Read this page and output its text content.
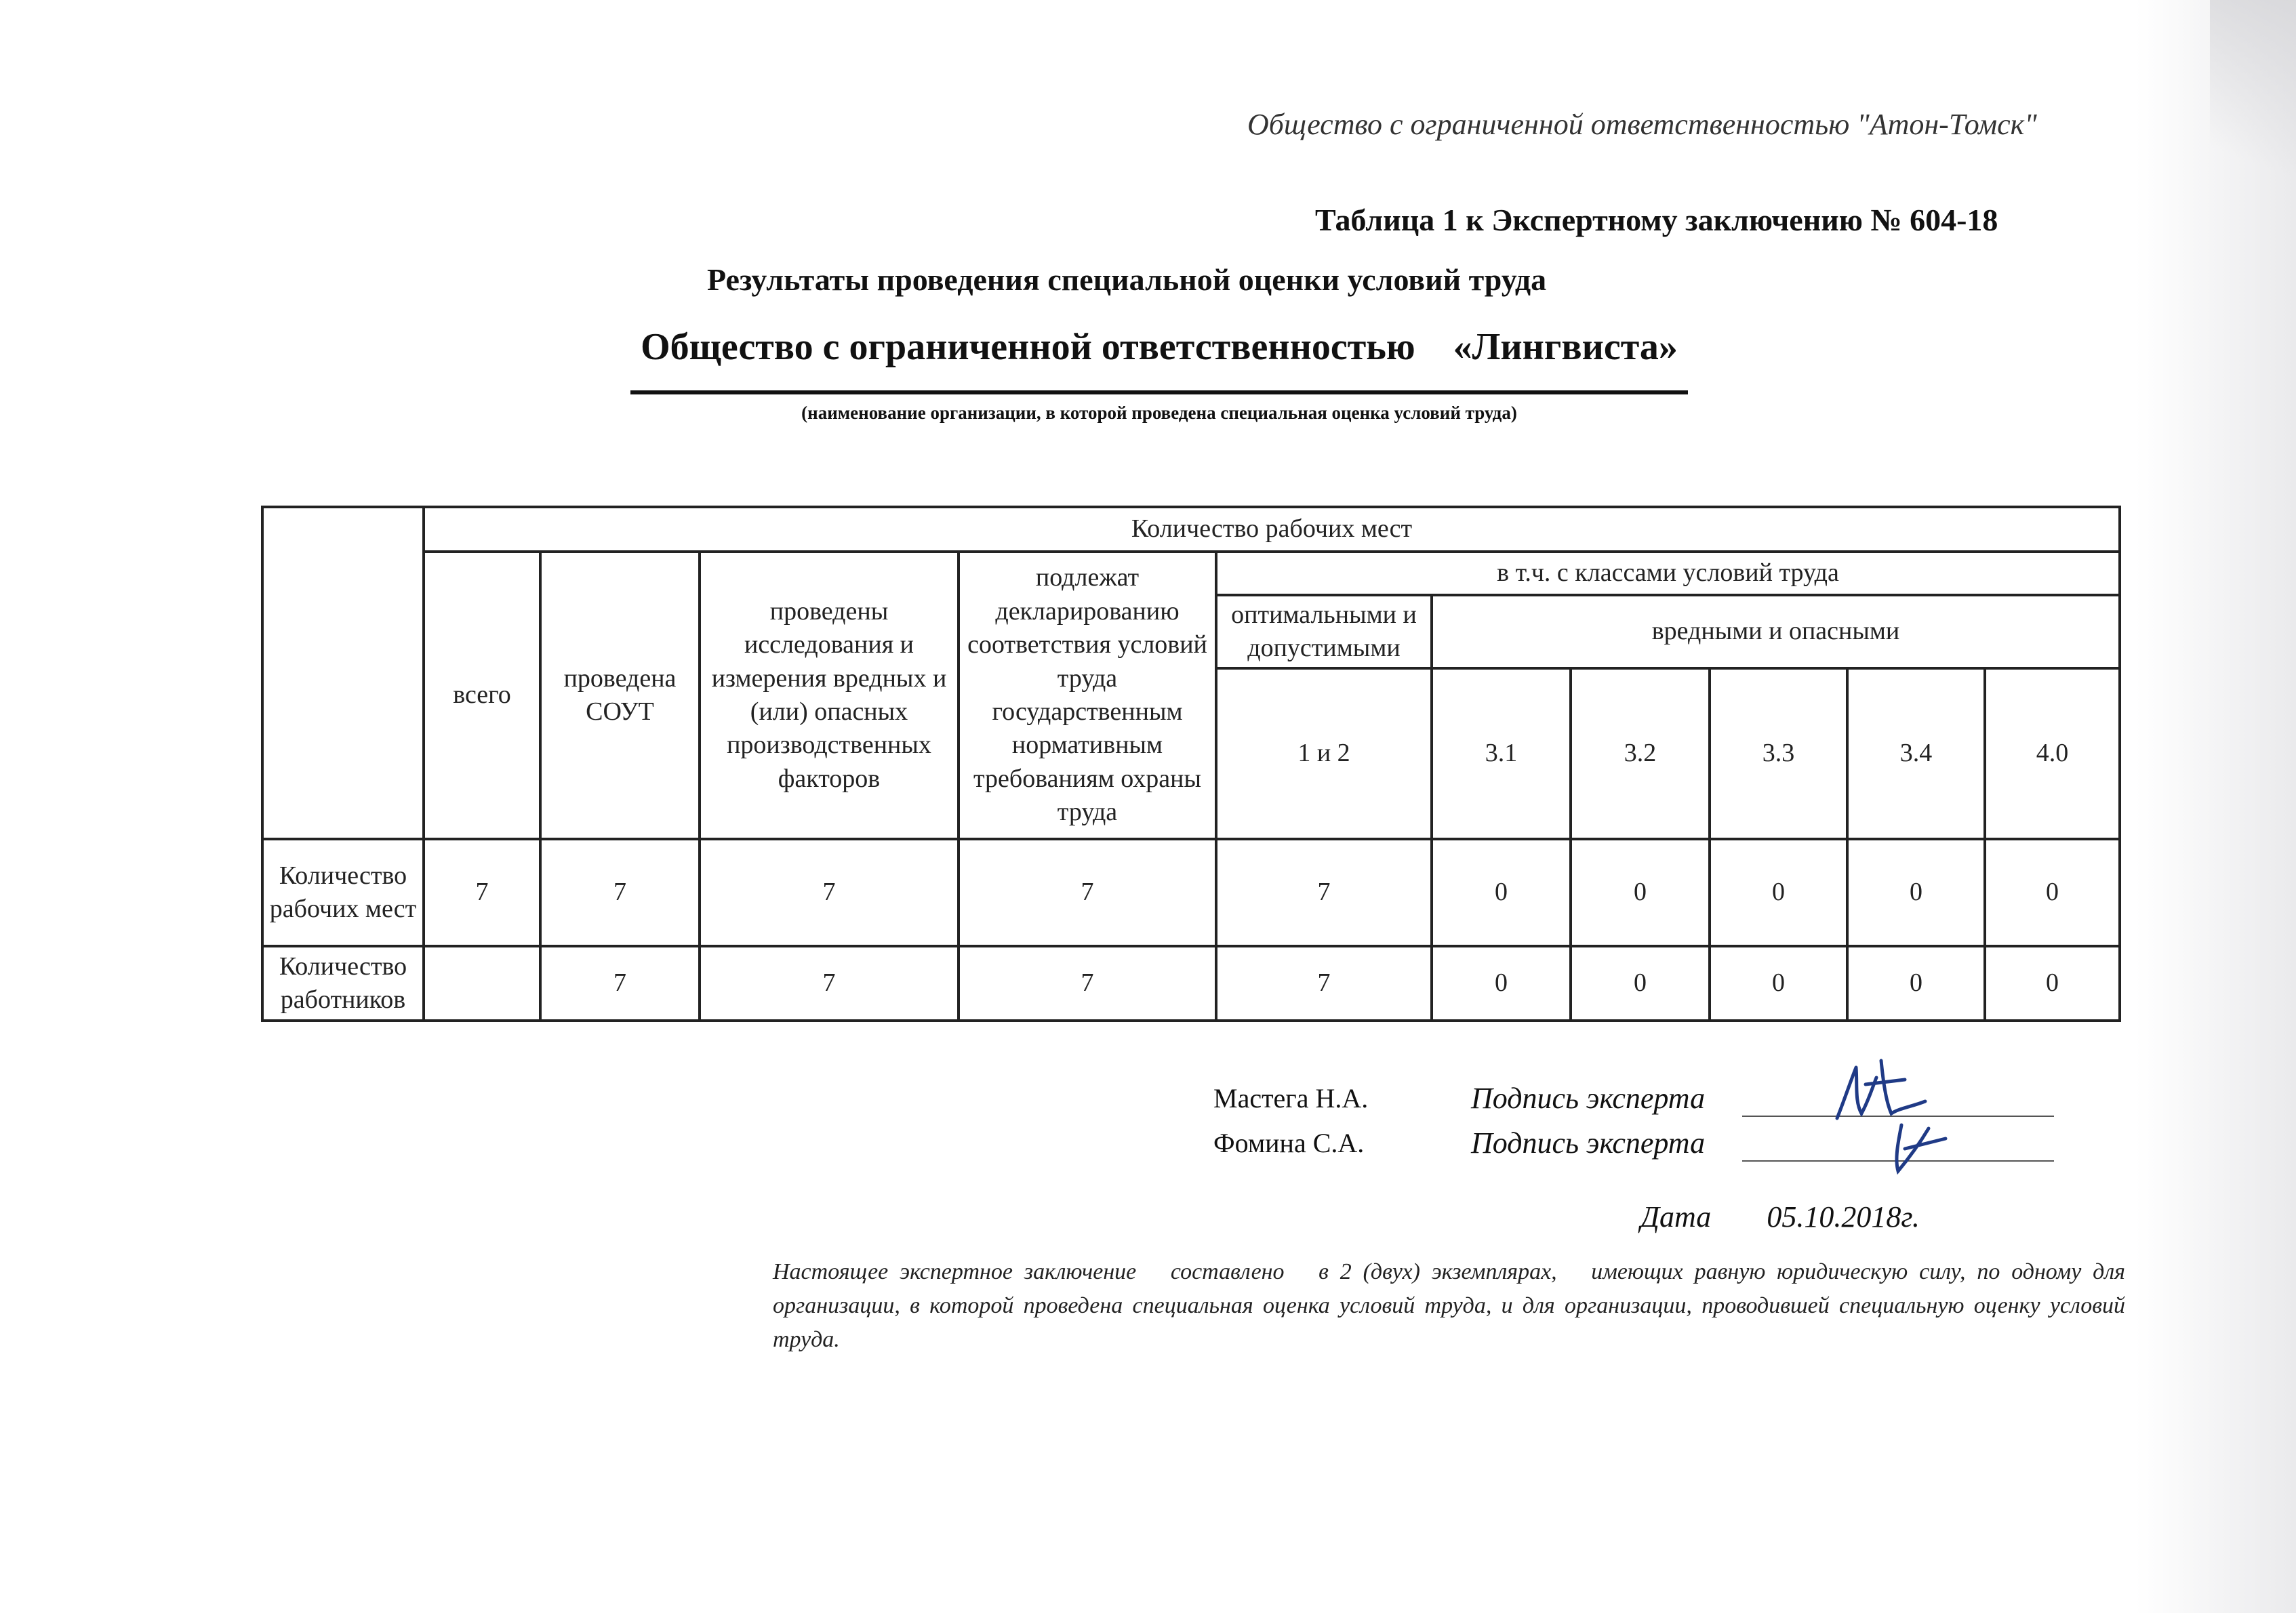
Общество с ограниченной ответственностью "Атон-Томск"
Таблица 1 к Экспертному заключению № 604-18
Результаты проведения специальной оценки условий труда
Общество с ограниченной ответственностью    «Лингвиста»
(наименование организации, в которой проведена специальная оценка условий труда)
	Количество рабочих мест									
	всего	проведена СОУТ	проведены исследования и измерения вредных и (или) опасных производственных факторов	подлежат декларированию соответствия условий труда государственным нормативным требованиям охраны труда	в т.ч. с классами условий труда					
					оптимальными и допустимыми	вредными и опасными				
					1 и 2	3.1	3.2	3.3	3.4	4.0
Количество рабочих мест	7	7	7	7	7	0	0	0	0	0
Количество работников		7	7	7	7	0	0	0	0	0
Мастега Н.А.
Фомина С.А.
Подпись эксперта
Подпись эксперта
Дата 05.10.2018г.
Настоящее экспертное заключение   составлено   в 2 (двух) экземплярах,   имеющих равную юридическую силу, по одному для организации, в которой проведена специальная оценка условий труда, и для организации, проводившей специальную оценку условий труда.
